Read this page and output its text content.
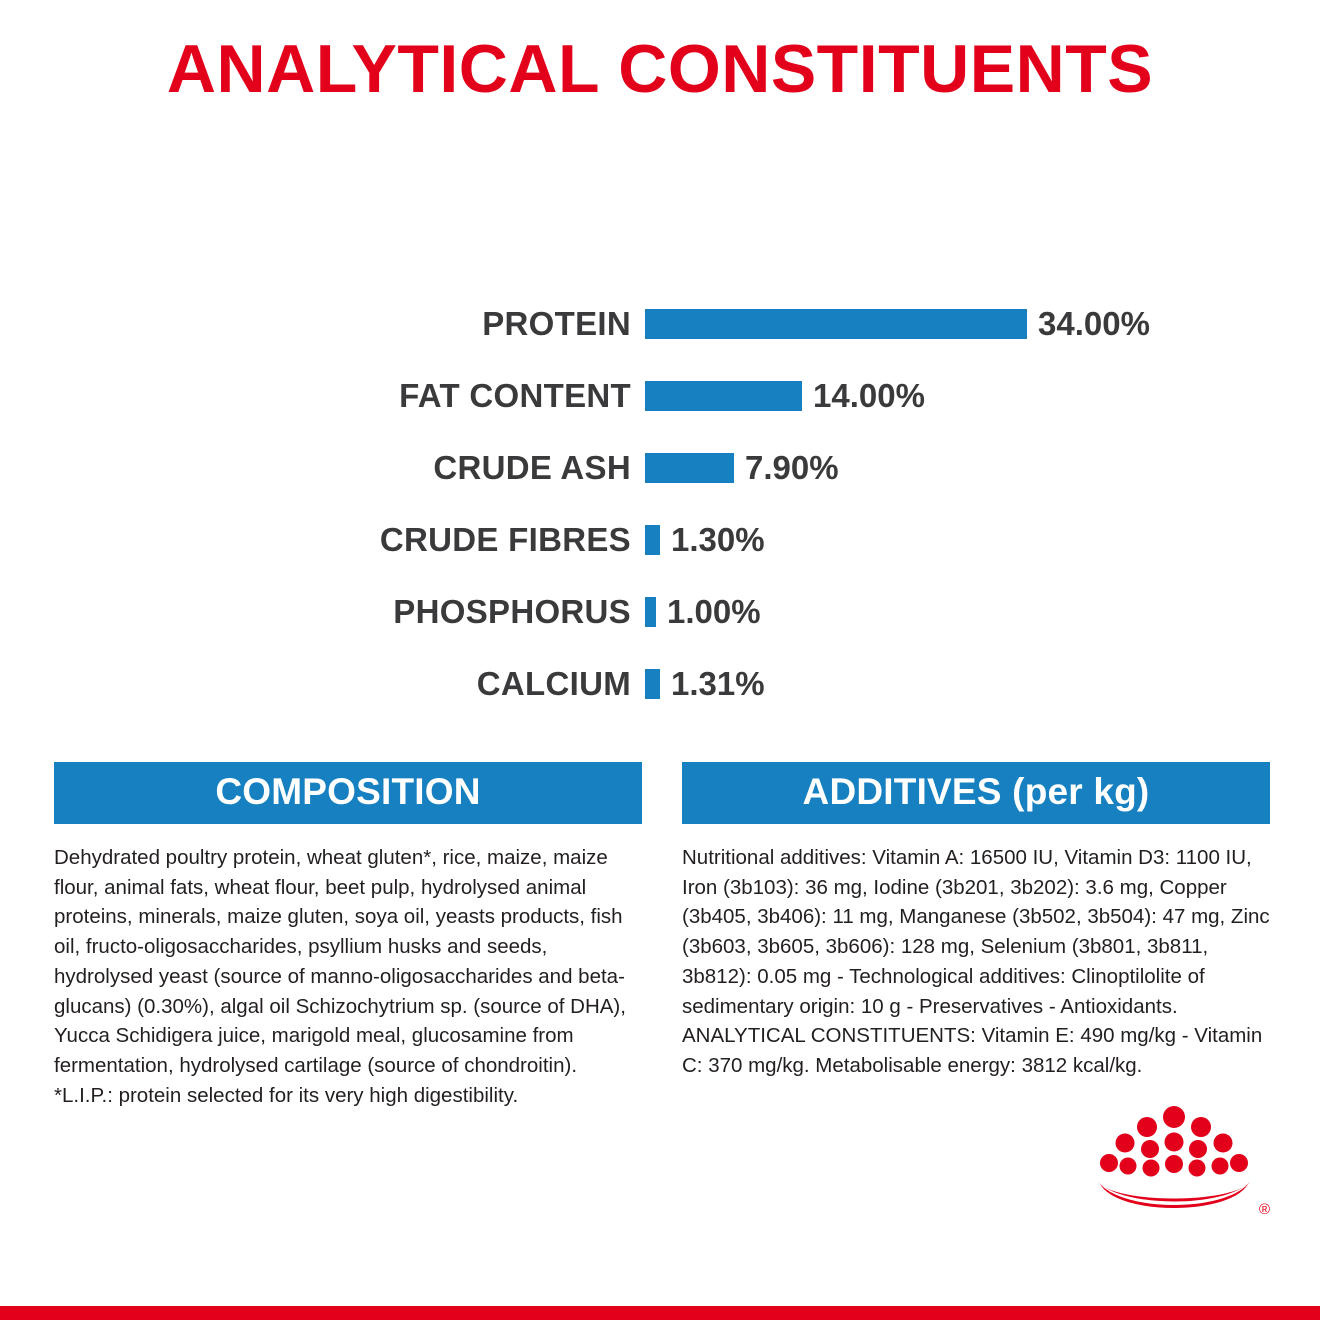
ANALYTICAL CONSTITUENTS
PROTEIN	34.00%
FAT CONTENT	14.00%
CRUDE ASH	7.90%
CRUDE FIBRES	1.30%
PHOSPHORUS	1.00%
CALCIUM	1.31%
COMPOSITION

Dehydrated poultry protein, wheat gluten*, rice, maize, maize flour, animal fats, wheat flour, beet pulp, hydrolysed animal proteins, minerals, maize gluten, soya oil, yeasts products, fish oil, fructo-oligosaccharides, psyllium husks and seeds, hydrolysed yeast (source of manno-oligosaccharides and beta-glucans) (0.30%), algal oil Schizochytrium sp. (source of DHA), Yucca Schidigera juice, marigold meal, glucosamine from fermentation, hydrolysed cartilage (source of chondroitin).

*L.I.P.: protein selected for its very high digestibility.

ADDITIVES (per kg)

Nutritional additives: Vitamin A: 16500 IU, Vitamin D3: 1100 IU, Iron (3b103): 36 mg, Iodine (3b201, 3b202): 3.6 mg, Copper (3b405, 3b406): 11 mg, Manganese (3b502, 3b504): 47 mg, Zinc (3b603, 3b605, 3b606): 128 mg, Selenium (3b801, 3b811, 3b812): 0.05 mg - Technological additives: Clinoptilolite of sedimentary origin: 10 g - Preservatives - Antioxidants.

ANALYTICAL CONSTITUENTS: Vitamin E: 490 mg/kg - Vitamin C: 370 mg/kg. Metabolisable energy: 3812 kcal/kg.

®
